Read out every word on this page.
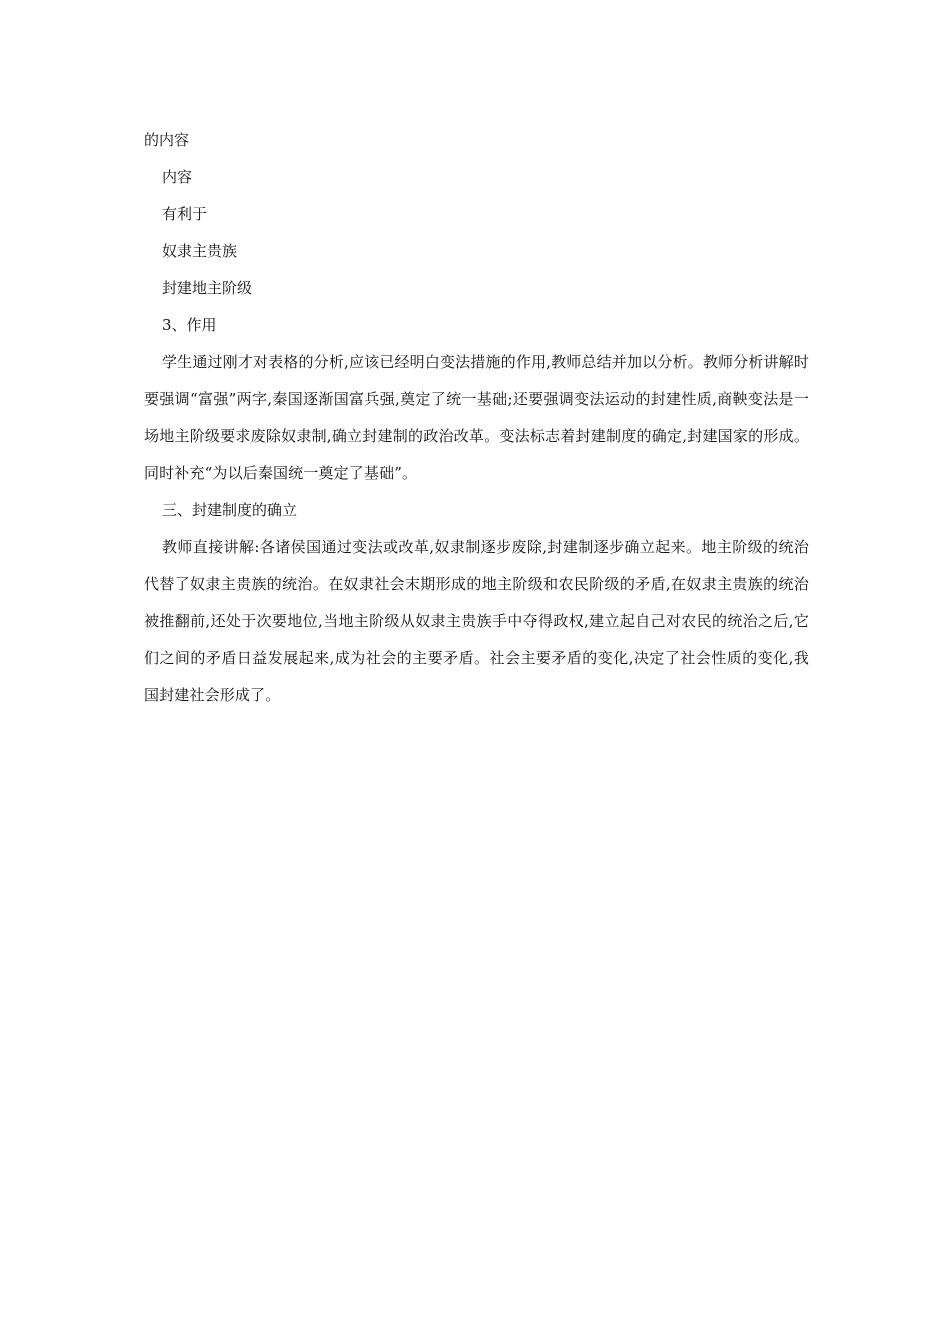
的内容

内容

有利于

奴隶主贵族

封建地主阶级

3、作用

学生通过刚才对表格的分析,应该已经明白变法措施的作用,教师总结并加以分析。教师分析讲解时要强调“富强”两字,秦国逐渐国富兵强,奠定了统一基础;还要强调变法运动的封建性质,商鞅变法是一场地主阶级要求废除奴隶制,确立封建制的政治改革。变法标志着封建制度的确定,封建国家的形成。同时补充“为以后秦国统一奠定了基础”。

三、封建制度的确立

教师直接讲解:各诸侯国通过变法或改革,奴隶制逐步废除,封建制逐步确立起来。地主阶级的统治代替了奴隶主贵族的统治。在奴隶社会末期形成的地主阶级和农民阶级的矛盾,在奴隶主贵族的统治被推翻前,还处于次要地位,当地主阶级从奴隶主贵族手中夺得政权,建立起自己对农民的统治之后,它们之间的矛盾日益发展起来,成为社会的主要矛盾。社会主要矛盾的变化,决定了社会性质的变化,我国封建社会形成了。
